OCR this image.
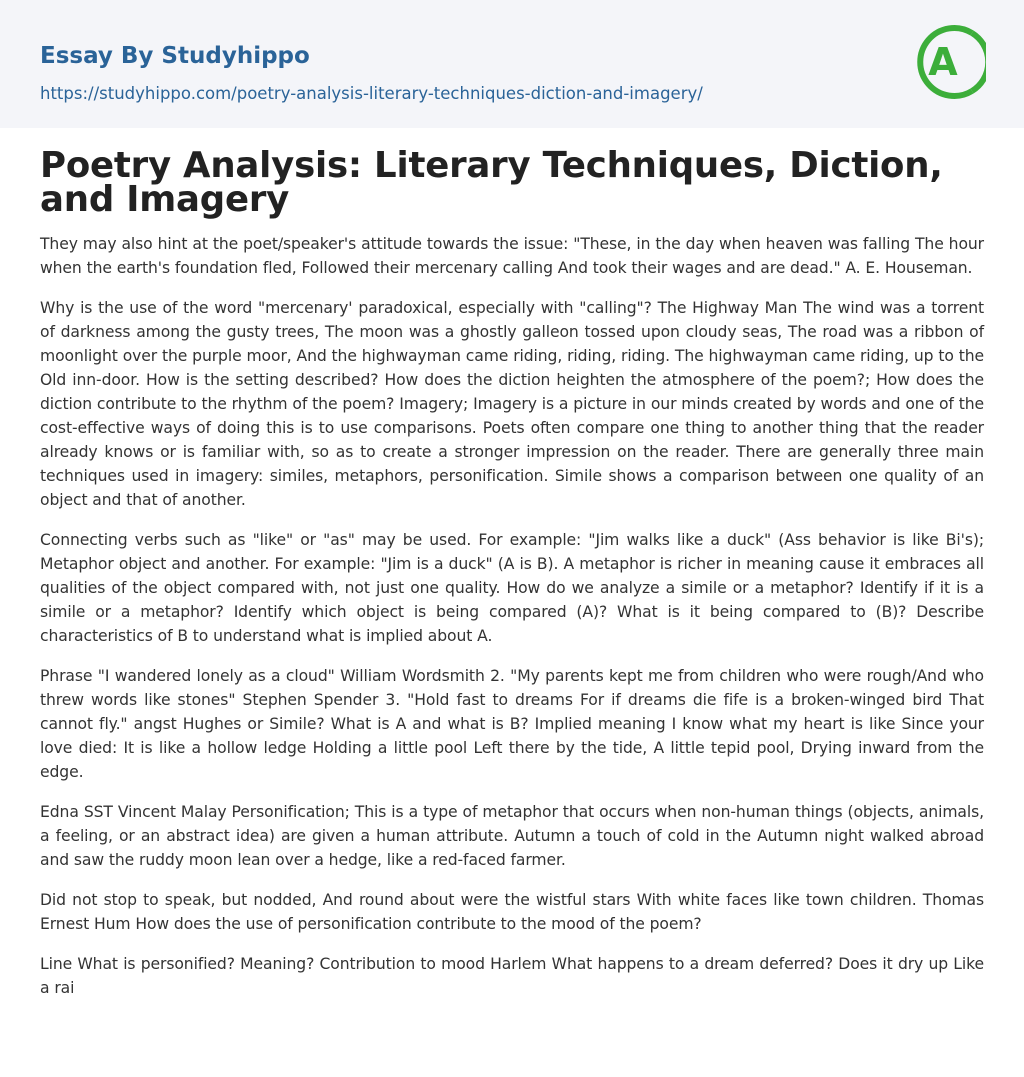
Essay By Studyhippo
https://studyhippo.com/poetry-analysis-literary-techniques-diction-and-imagery/
A
Poetry Analysis: Literary Techniques, Diction, and Imagery

They may also hint at the poet/speaker's attitude towards the issue: "These, in the day when heaven was falling The hour when the earth's foundation fled, Followed their mercenary calling And took their wages and are dead." A. E. Houseman.

Why is the use of the word "mercenary' paradoxical, especially with "calling"? The Highway Man The wind was a torrent of darkness among the gusty trees, The moon was a ghostly galleon tossed upon cloudy seas, The road was a ribbon of moonlight over the purple moor, And the highwayman came riding, riding, riding. The highwayman came riding, up to the Old inn-door. How is the setting described? How does the diction heighten the atmosphere of the poem?; How does the diction contribute to the rhythm of the poem? Imagery; Imagery is a picture in our minds created by words and one of the cost-effective ways of doing this is to use comparisons. Poets often compare one thing to another thing that the reader already knows or is familiar with, so as to create a stronger impression on the reader. There are generally three main techniques used in imagery: similes, metaphors, personification. Simile shows a comparison between one quality of an object and that of another.

Connecting verbs such as "like" or "as" may be used. For example: "Jim walks like a duck" (Ass behavior is like Bi's); Metaphor object and another. For example: "Jim is a duck" (A is B). A metaphor is richer in meaning cause it embraces all qualities of the object compared with, not just one quality. How do we analyze a simile or a metaphor? Identify if it is a simile or a metaphor? Identify which object is being compared (A)? What is it being compared to (B)? Describe characteristics of B to understand what is implied about A.

Phrase "I wandered lonely as a cloud" William Wordsmith 2. "My parents kept me from children who were rough/And who threw words like stones" Stephen Spender 3. "Hold fast to dreams For if dreams die fife is a broken-winged bird That cannot fly." angst Hughes or Simile? What is A and what is B? Implied meaning I know what my heart is like Since your love died: It is like a hollow ledge Holding a little pool Left there by the tide, A little tepid pool, Drying inward from the edge.

Edna SST Vincent Malay Personification; This is a type of metaphor that occurs when non-human things (objects, animals, a feeling, or an abstract idea) are given a human attribute. Autumn a touch of cold in the Autumn night walked abroad and saw the ruddy moon lean over a hedge, like a red-faced farmer.

Did not stop to speak, but nodded, And round about were the wistful stars With white faces like town children. Thomas Ernest Hum How does the use of personification contribute to the mood of the poem?

Line What is personified? Meaning? Contribution to mood Harlem What happens to a dream deferred? Does it dry up Like a rai
